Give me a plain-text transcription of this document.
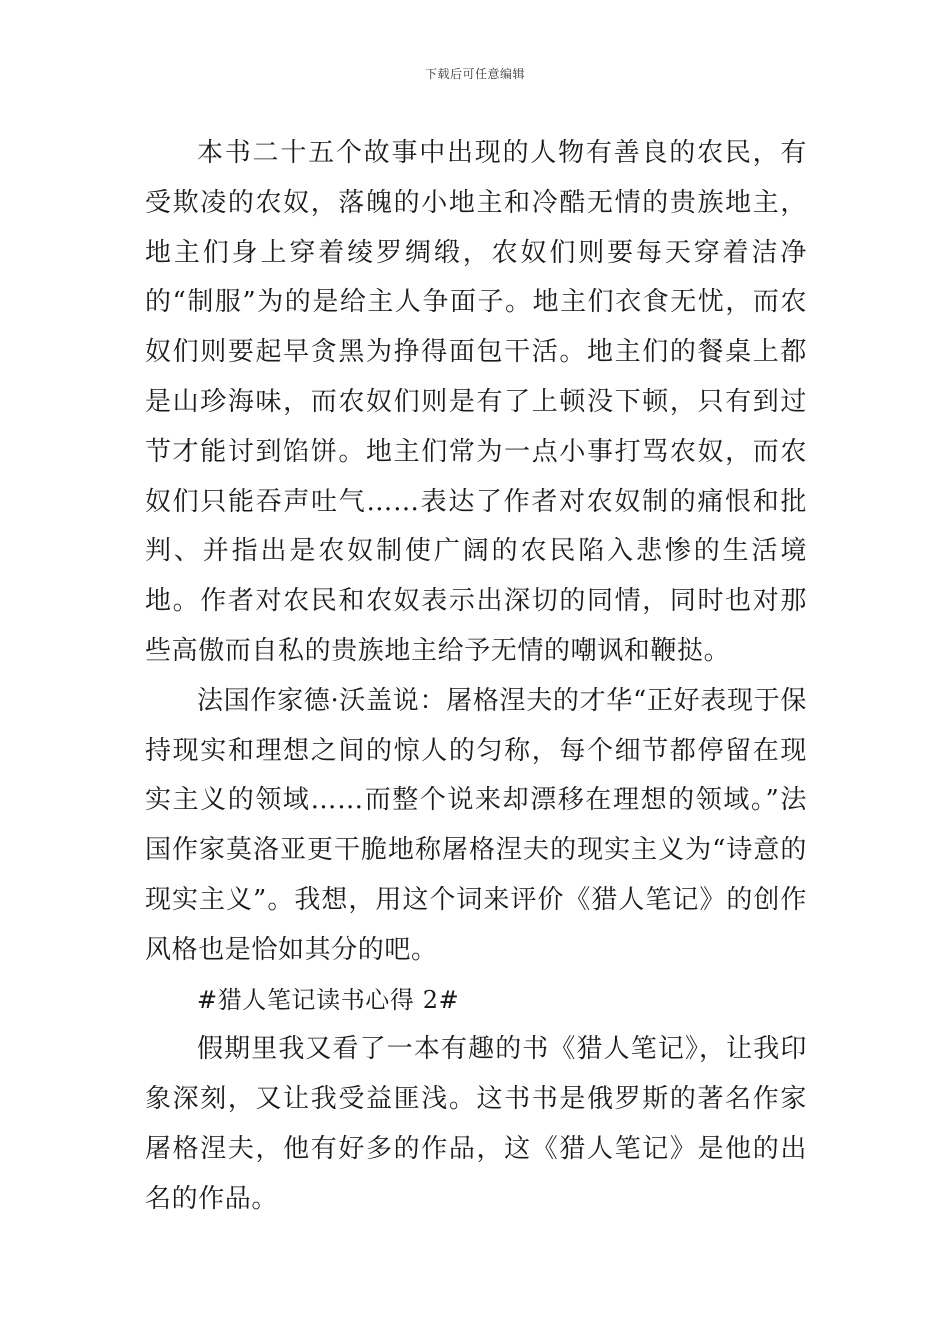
下载后可任意编辑

本书二十五个故事中出现的人物有善良的农民，有受欺凌的农奴，落魄的小地主和冷酷无情的贵族地主，地主们身上穿着绫罗绸缎，农奴们则要每天穿着洁净的“制服”为的是给主人争面子。地主们衣食无忧，而农奴们则要起早贪黑为挣得面包干活。地主们的餐桌上都是山珍海味，而农奴们则是有了上顿没下顿，只有到过节才能讨到馅饼。地主们常为一点小事打骂农奴，而农奴们只能吞声吐气……表达了作者对农奴制的痛恨和批判、并指出是农奴制使广阔的农民陷入悲惨的生活境地。作者对农民和农奴表示出深切的同情，同时也对那些高傲而自私的贵族地主给予无情的嘲讽和鞭挞。

法国作家德·沃盖说：屠格涅夫的才华“正好表现于保持现实和理想之间的惊人的匀称，每个细节都停留在现实主义的领域……而整个说来却漂移在理想的领域。”法国作家莫洛亚更干脆地称屠格涅夫的现实主义为“诗意的现实主义”。我想，用这个词来评价《猎人笔记》的创作风格也是恰如其分的吧。

#猎人笔记读书心得 2#

假期里我又看了一本有趣的书《猎人笔记》，让我印象深刻，又让我受益匪浅。这书书是俄罗斯的著名作家屠格涅夫，他有好多的作品，这《猎人笔记》是他的出名的作品。
